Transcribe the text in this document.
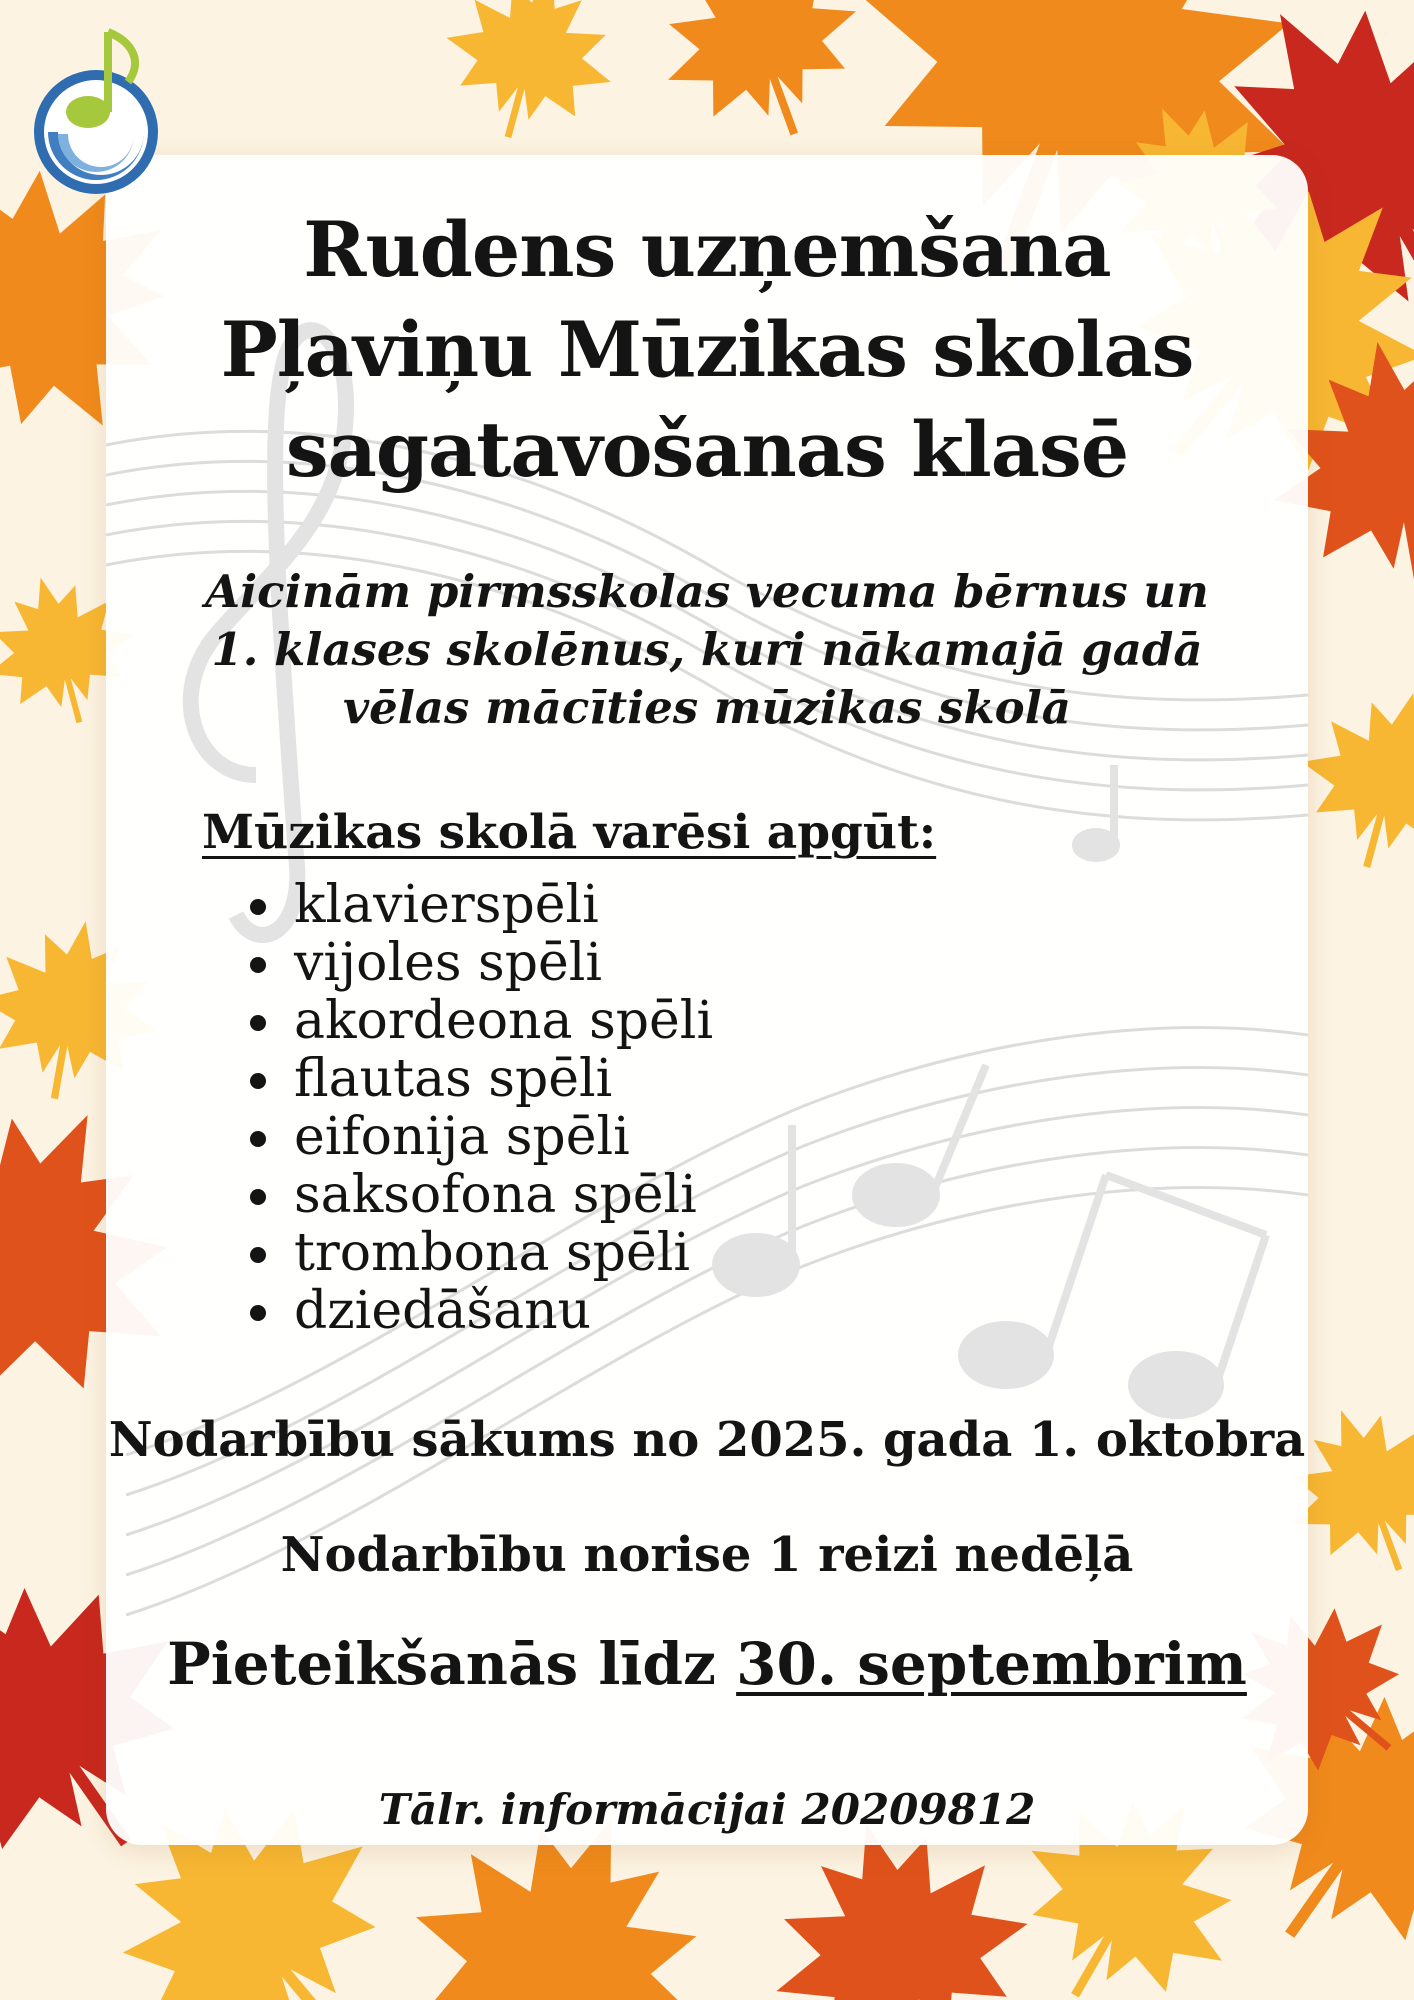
Rudens uzņemšana
Pļaviņu Mūzikas skolas
sagatavošanas klasē
Aicinām pirmsskolas vecuma bērnus un
1. klases skolēnus, kuri nākamajā gadā
vēlas mācīties mūzikas skolā
Mūzikas skolā varēsi apgūt:
klavierspēli
vijoles spēli
akordeona spēli
flautas spēli
eifonija spēli
saksofona spēli
trombona spēli
dziedāšanu
Nodarbību sākums no 2025. gada 1. oktobra
Nodarbību norise 1 reizi nedēļā
Pieteikšanās līdz 30. septembrim
Tālr. informācijai 20209812
